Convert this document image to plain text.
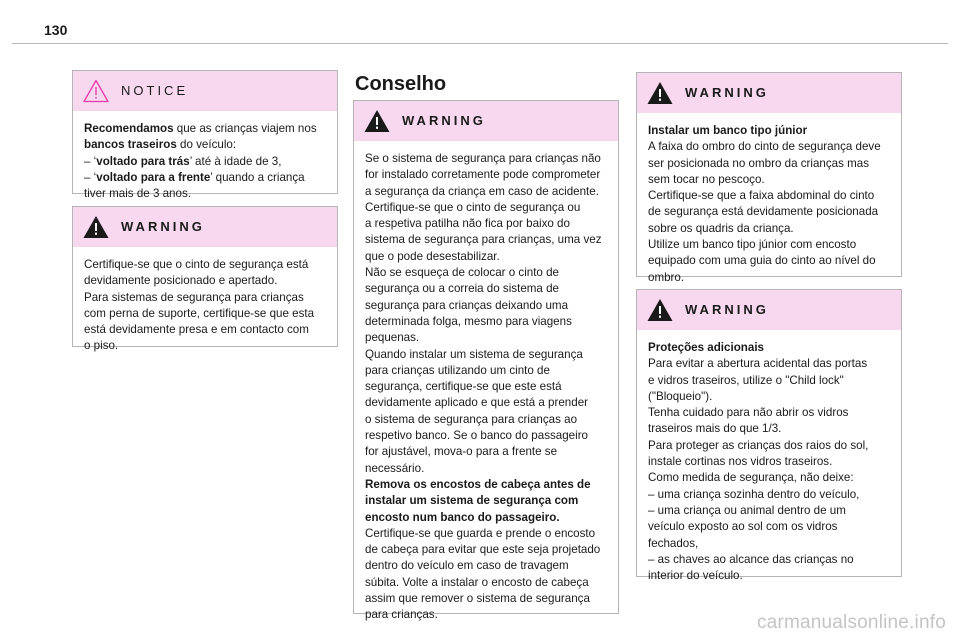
130
NOTICE

Recomendamos que as crianças viajem nos

bancos traseiros do veículo:

– ‘voltado para trás’ até à idade de 3,

– ‘voltado para a frente’ quando a criança

tiver mais de 3 anos.

WARNING

Certifique-se que o cinto de segurança está

devidamente posicionado e apertado.

Para sistemas de segurança para crianças

com perna de suporte, certifique-se que esta

está devidamente presa e em contacto com

o piso.

Conselho
WARNING

Se o sistema de segurança para crianças não

for instalado corretamente pode comprometer

a segurança da criança em caso de acidente.

Certifique-se que o cinto de segurança ou

a respetiva patilha não fica por baixo do

sistema de segurança para crianças, uma vez

que o pode desestabilizar.

Não se esqueça de colocar o cinto de

segurança ou a correia do sistema de

segurança para crianças deixando uma

determinada folga, mesmo para viagens

pequenas.

Quando instalar um sistema de segurança

para crianças utilizando um cinto de

segurança, certifique-se que este está

devidamente aplicado e que está a prender

o sistema de segurança para crianças ao

respetivo banco. Se o banco do passageiro

for ajustável, mova-o para a frente se

necessário.

Remova os encostos de cabeça antes de

instalar um sistema de segurança com

encosto num banco do passageiro.

Certifique-se que guarda e prende o encosto

de cabeça para evitar que este seja projetado

dentro do veículo em caso de travagem

súbita. Volte a instalar o encosto de cabeça

assim que remover o sistema de segurança

para crianças.

WARNING

Instalar um banco tipo júnior

A faixa do ombro do cinto de segurança deve

ser posicionada no ombro da crianças mas

sem tocar no pescoço.

Certifique-se que a faixa abdominal do cinto

de segurança está devidamente posicionada

sobre os quadris da criança.

Utilize um banco tipo júnior com encosto

equipado com uma guia do cinto ao nível do

ombro.

WARNING

Proteções adicionais

Para evitar a abertura acidental das portas

e vidros traseiros, utilize o "Child lock"

("Bloqueio").

Tenha cuidado para não abrir os vidros

traseiros mais do que 1/3.

Para proteger as crianças dos raios do sol,

instale cortinas nos vidros traseiros.

Como medida de segurança, não deixe:

– uma criança sozinha dentro do veículo,

– uma criança ou animal dentro de um

veículo exposto ao sol com os vidros

fechados,

– as chaves ao alcance das crianças no

interior do veículo.

carmanualsonline.info
